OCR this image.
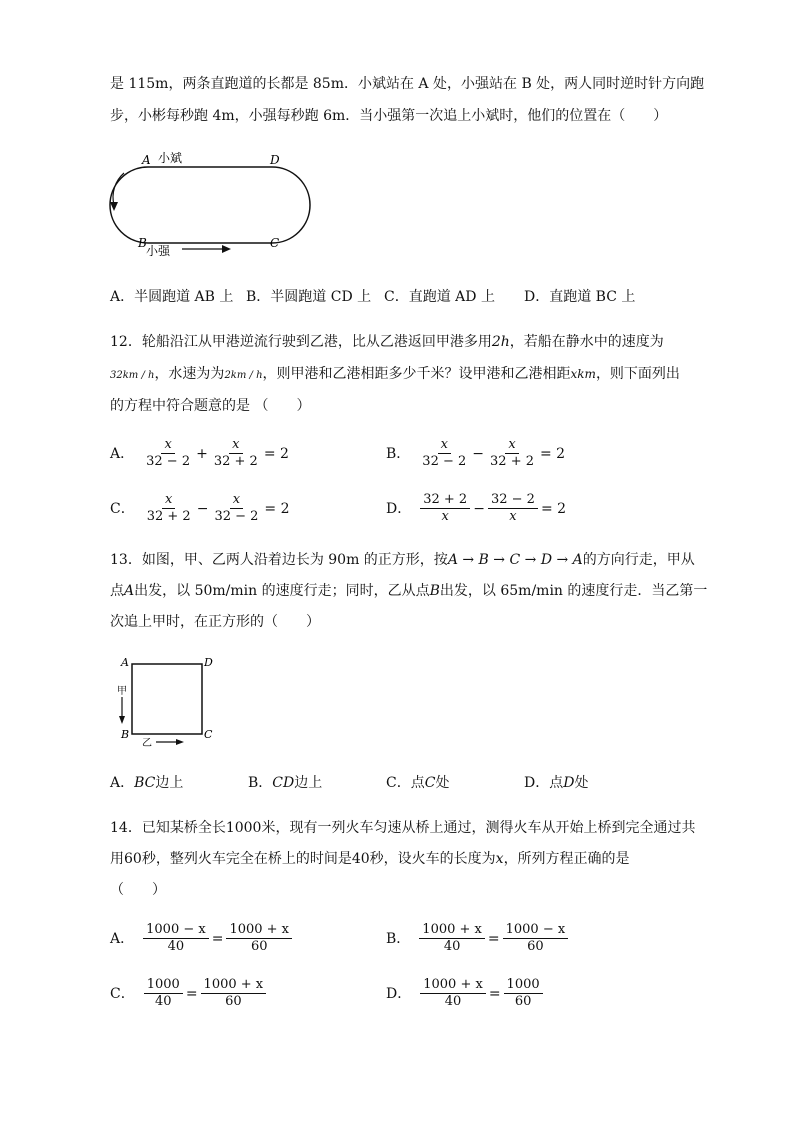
是 115m，两条直跑道的长都是 85m．小斌站在 A 处，小强站在 B 处，两人同时逆时针方向跑
步，小彬每秒跑 4m，小强每秒跑 6m．当小强第一次追上小斌时，他们的位置在（　　）
A	D
B	C
小斌
小强
A．半圆跑道 AB 上 B．半圆跑道 CD 上 C．直跑道 AD 上 D．直跑道 BC 上
12．轮船沿江从甲港逆流行驶到乙港，比从乙港返回甲港多用2h，若船在静水中的速度为
32km / h，水速为为2km / h，则甲港和乙港相距多少千米？设甲港和乙港相距xkm，则下面列出
的方程中符合题意的是 （　　）
A． $\frac{x}{32 - 2} + \frac{x}{32 + 2} = 2$	B． $\frac{x}{32 - 2} - \frac{x}{32 + 2} = 2$
C． $\frac{x}{32 + 2} - \frac{x}{32 - 2} = 2$	D． $\frac{32 + 2}{x} - \frac{32 - 2}{x} = 2$
13．如图，甲、乙两人沿着边长为 90m 的正方形，按A → B → C → D → A的方向行走，甲从
点A出发，以 50m/min 的速度行走；同时，乙从点B出发，以 65m/min 的速度行走．当乙第一
次追上甲时，在正方形的（　　）
A	D
B	C
甲
乙
A．BC边上	B．CD边上	C．点C处	D．点D处
14．已知某桥全长1000米，现有一列火车匀速从桥上通过，测得火车从开始上桥到完全通过共
用60秒，整列火车完全在桥上的时间是40秒，设火车的长度为x，所列方程正确的是
（　　）
A． $\frac{1000 - x}{40} = \frac{1000 + x}{60}$	B． $\frac{1000 + x}{40} = \frac{1000 - x}{60}$
C． $\frac{1000}{40} = \frac{1000 + x}{60}$	D． $\frac{1000 + x}{40} = \frac{1000}{60}$
